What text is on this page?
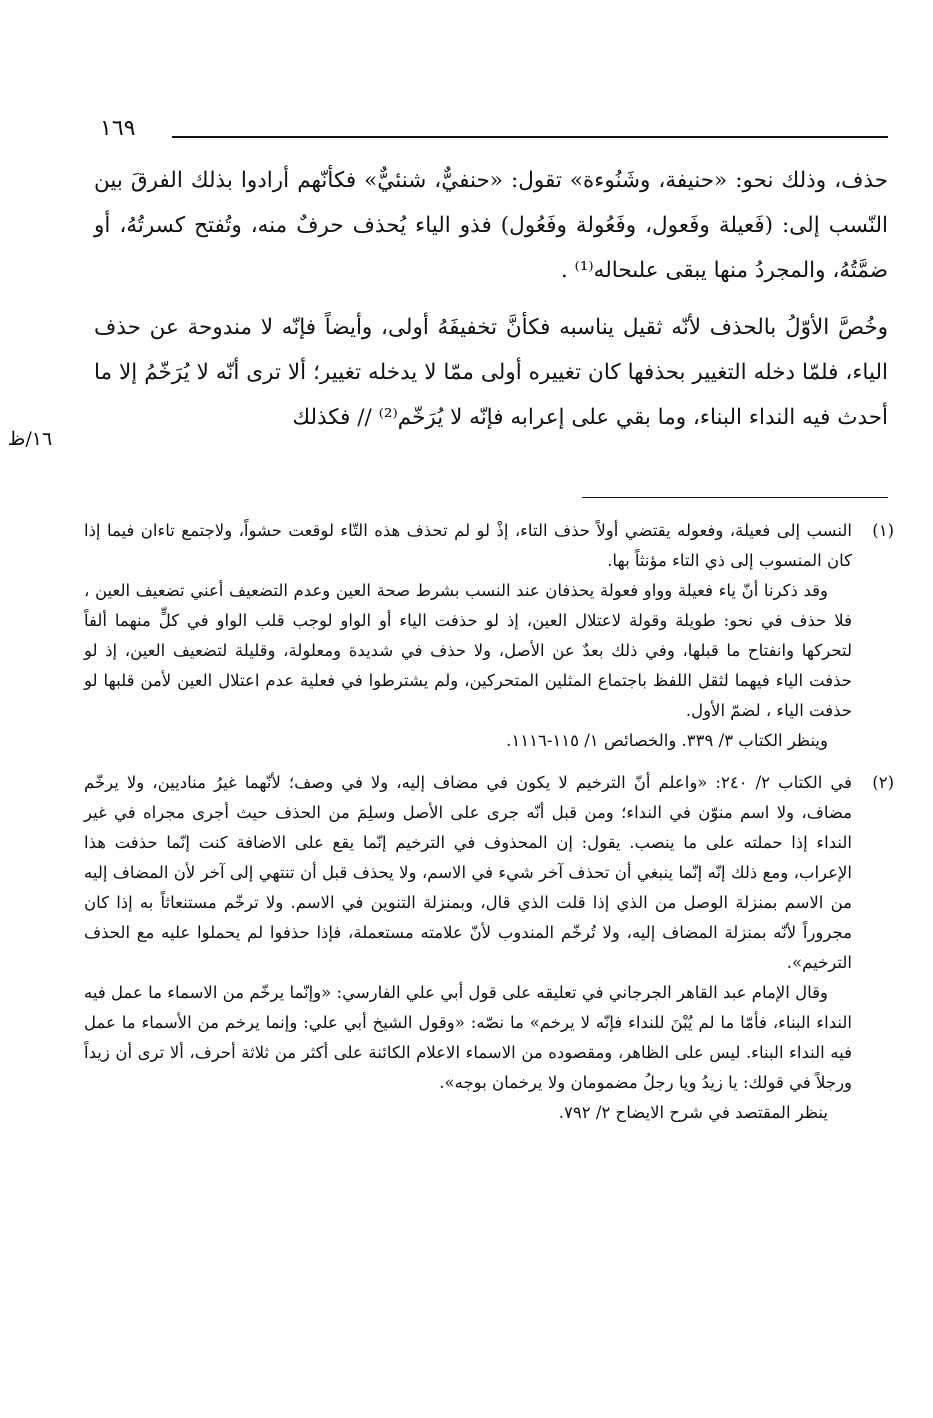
١٦٩

حذف، وذلك نحو: «حنيفة، وشَنُوءة» تقول: «حنفيٌّ، شنئيٌّ» فكأنّهم أرادوا بذلك الفرقَ بين النّسب إلى: (فَعيلة وفَعول، وفَعُولة وفَعُول) فذو الياء يُحذف حرفٌ منه، وتُفتح كسرتُهُ، أو ضمَّتُهُ، والمجردُ منها يبقى علىحاله⁽¹⁾ .

وخُصَّ الأوّلُ بالحذف لأنّه ثقيل يناسبه فكأنَّ تخفيفَهُ أولى، وأيضاً فإنّه لا مندوحة عن حذف الياء، فلمّا دخله التغيير بحذفها كان تغييره أولى ممّا لا يدخله تغيير؛ ألا ترى أنّه لا يُرَخّمُ إلا ما أحدث فيه النداء البناء، وما بقي على إعرابه فإنّه لا يُرَخّم⁽²⁾ // فكذلك

١٦/ظ
(١)

النسب إلى فعيلة، وفعوله يقتضي أولاً حذف التاء، إذْ لو لم تحذف هذه التّاء لوقعت حشواً، ولاجتمع تاءان فيما إذا كان المنسوب إلى ذي التاء مؤنثاً بها.

وقد ذكرنا أنّ ياء فعيلة وواو فعولة يحذفان عند النسب بشرط صحة العين وعدم التضعيف أعني تضعيف العين ، فلا حذف في نحو: طويلة وقولة لاعتلال العين، إذ لو حذفت الياء أو الواو لوجب قلب الواو في كلٍّ منهما ألفاً لتحركها وانفتاح ما قبلها، وفي ذلك بعدٌ عن الأصل، ولا حذف في شديدة ومعلولة، وقليلة لتضعيف العين، إذ لو حذفت الياء فيهما لثقل اللفظ باجتماع المثلين المتحركين، ولم يشترطوا في فعلية عدم اعتلال العين لأمن قلبها لو حذفت الياء ، لضمّ الأول.

وينظر الكتاب ٣/ ٣٣٩. والخصائص ١/ ١١٥-١١١٦.

(٢)

في الكتاب ٢/ ٢٤٠: «واعلم أنّ الترخيم لا يكون في مضاف إليه، ولا في وصف؛ لأنّهما غيرُ مناديين، ولا يرخّم مضاف، ولا اسم منوّن في النداء؛ ومن قبل أنّه جرى على الأصل وسلِمَ من الحذف حيث أجرى مجراه في غير النداء إذا حملته على ما ينصب. يقول: إن المحذوف في الترخيم إنّما يقع على الاضافة كنت إنّما حذفت هذا الإعراب، ومع ذلك إنّه إنّما ينبغي أن تحذف آخر شيء في الاسم، ولا يحذف قبل أن تنتهي إلى آخر لأن المضاف إليه من الاسم بمنزلة الوصل من الذي إذا قلت الذي قال، وبمنزلة التنوين في الاسم. ولا ترخّم مستنعاثاً به إذا كان مجروراً لأنّه بمنزلة المضاف إليه، ولا تُرخّم المندوب لأنّ علامته مستعملة، فإذا حذفوا لم يحملوا عليه مع الحذف الترخيم».

وقال الإمام عبد القاهر الجرجاني في تعليقه على قول أبي علي الفارسي: «وإنّما يرخّم من الاسماء ما عمل فيه النداء البناء، فأمّا ما لم يُبْنَ للنداء فإنّه لا يرخم» ما نصّه: «وقول الشيخ أبي علي: وإنما يرخم من الأسماء ما عمل فيه النداء البناء. ليس على الظاهر، ومقصوده من الاسماء الاعلام الكائنة على أكثر من ثلاثة أحرف، ألا ترى أن زيداً ورجلاً في قولك: يا زيدُ ويا رجلُ مضمومان ولا يرخمان بوجه».

ينظر المقتصد في شرح الايضاح ٢/ ٧٩٢.
